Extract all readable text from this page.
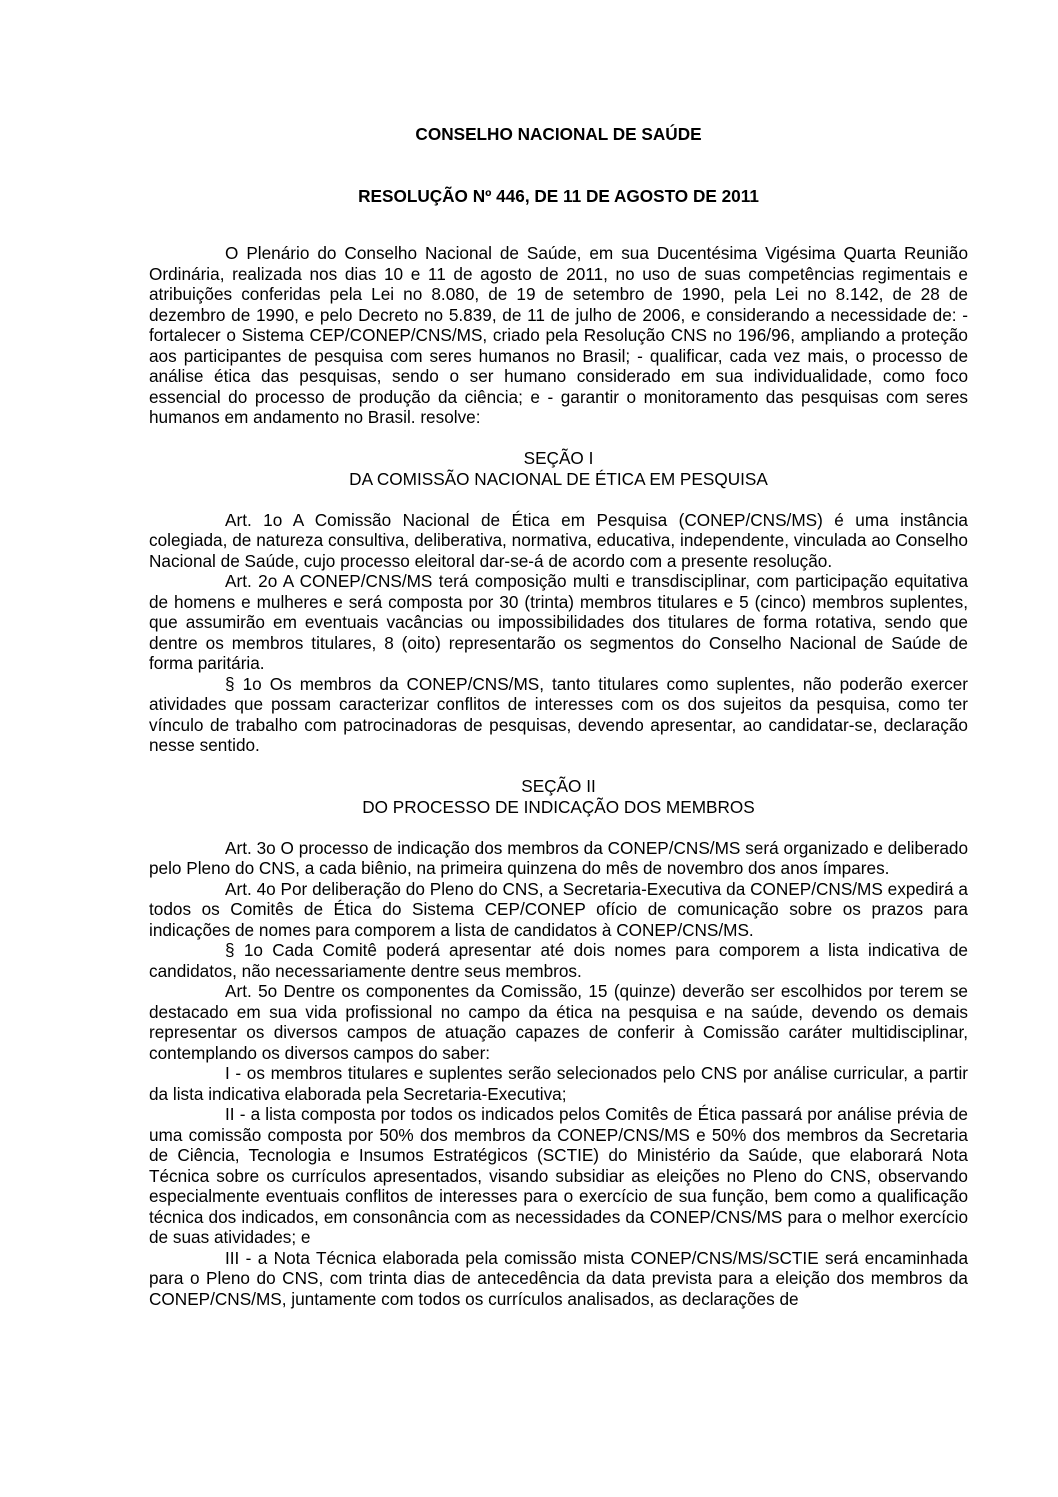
CONSELHO NACIONAL DE SAÚDE
RESOLUÇÃO Nº 446, DE 11 DE AGOSTO DE 2011

O Plenário do Conselho Nacional de Saúde, em sua Ducentésima Vigésima Quarta Reunião Ordinária, realizada nos dias 10 e 11 de agosto de 2011, no uso de suas competências regimentais e atribuições conferidas pela Lei no 8.080, de 19 de setembro de 1990, pela Lei no 8.142, de 28 de dezembro de 1990, e pelo Decreto no 5.839, de 11 de julho de 2006, e considerando a necessidade de: - fortalecer o Sistema CEP/CONEP/CNS/MS, criado pela Resolução CNS no 196/96, ampliando a proteção aos participantes de pesquisa com seres humanos no Brasil; - qualificar, cada vez mais, o processo de análise ética das pesquisas, sendo o ser humano considerado em sua individualidade, como foco essencial do processo de produção da ciência; e - garantir o monitoramento das pesquisas com seres humanos em andamento no Brasil. resolve:

SEÇÃO I
DA COMISSÃO NACIONAL DE ÉTICA EM PESQUISA

Art. 1o A Comissão Nacional de Ética em Pesquisa (CONEP/CNS/MS) é uma instância colegiada, de natureza consultiva, deliberativa, normativa, educativa, independente, vinculada ao Conselho Nacional de Saúde, cujo processo eleitoral dar-se-á de acordo com a presente resolução.

Art. 2o A CONEP/CNS/MS terá composição multi e transdisciplinar, com participação equitativa de homens e mulheres e será composta por 30 (trinta) membros titulares e 5 (cinco) membros suplentes, que assumirão em eventuais vacâncias ou impossibilidades dos titulares de forma rotativa, sendo que dentre os membros titulares, 8 (oito) representarão os segmentos do Conselho Nacional de Saúde de forma paritária.

§ 1o Os membros da CONEP/CNS/MS, tanto titulares como suplentes, não poderão exercer atividades que possam caracterizar conflitos de interesses com os dos sujeitos da pesquisa, como ter vínculo de trabalho com patrocinadoras de pesquisas, devendo apresentar, ao candidatar-se, declaração nesse sentido.

SEÇÃO II
DO PROCESSO DE INDICAÇÃO DOS MEMBROS

Art. 3o O processo de indicação dos membros da CONEP/CNS/MS será organizado e deliberado pelo Pleno do CNS, a cada biênio, na primeira quinzena do mês de novembro dos anos ímpares.

Art. 4o Por deliberação do Pleno do CNS, a Secretaria-Executiva da CONEP/CNS/MS expedirá a todos os Comitês de Ética do Sistema CEP/CONEP ofício de comunicação sobre os prazos para indicações de nomes para comporem a lista de candidatos à CONEP/CNS/MS.

§ 1o Cada Comitê poderá apresentar até dois nomes para comporem a lista indicativa de candidatos, não necessariamente dentre seus membros.

Art. 5o Dentre os componentes da Comissão, 15 (quinze) deverão ser escolhidos por terem se destacado em sua vida profissional no campo da ética na pesquisa e na saúde, devendo os demais representar os diversos campos de atuação capazes de conferir à Comissão caráter multidisciplinar, contemplando os diversos campos do saber:

I - os membros titulares e suplentes serão selecionados pelo CNS por análise curricular, a partir da lista indicativa elaborada pela Secretaria-Executiva;

II - a lista composta por todos os indicados pelos Comitês de Ética passará por análise prévia de uma comissão composta por 50% dos membros da CONEP/CNS/MS e 50% dos membros da Secretaria de Ciência, Tecnologia e Insumos Estratégicos (SCTIE) do Ministério da Saúde, que elaborará Nota Técnica sobre os currículos apresentados, visando subsidiar as eleições no Pleno do CNS, observando especialmente eventuais conflitos de interesses para o exercício de sua função, bem como a qualificação técnica dos indicados, em consonância com as necessidades da CONEP/CNS/MS para o melhor exercício de suas atividades; e

III - a Nota Técnica elaborada pela comissão mista CONEP/CNS/MS/SCTIE será encaminhada para o Pleno do CNS, com trinta dias de antecedência da data prevista para a eleição dos membros da CONEP/CNS/MS, juntamente com todos os currículos analisados, as declarações de
